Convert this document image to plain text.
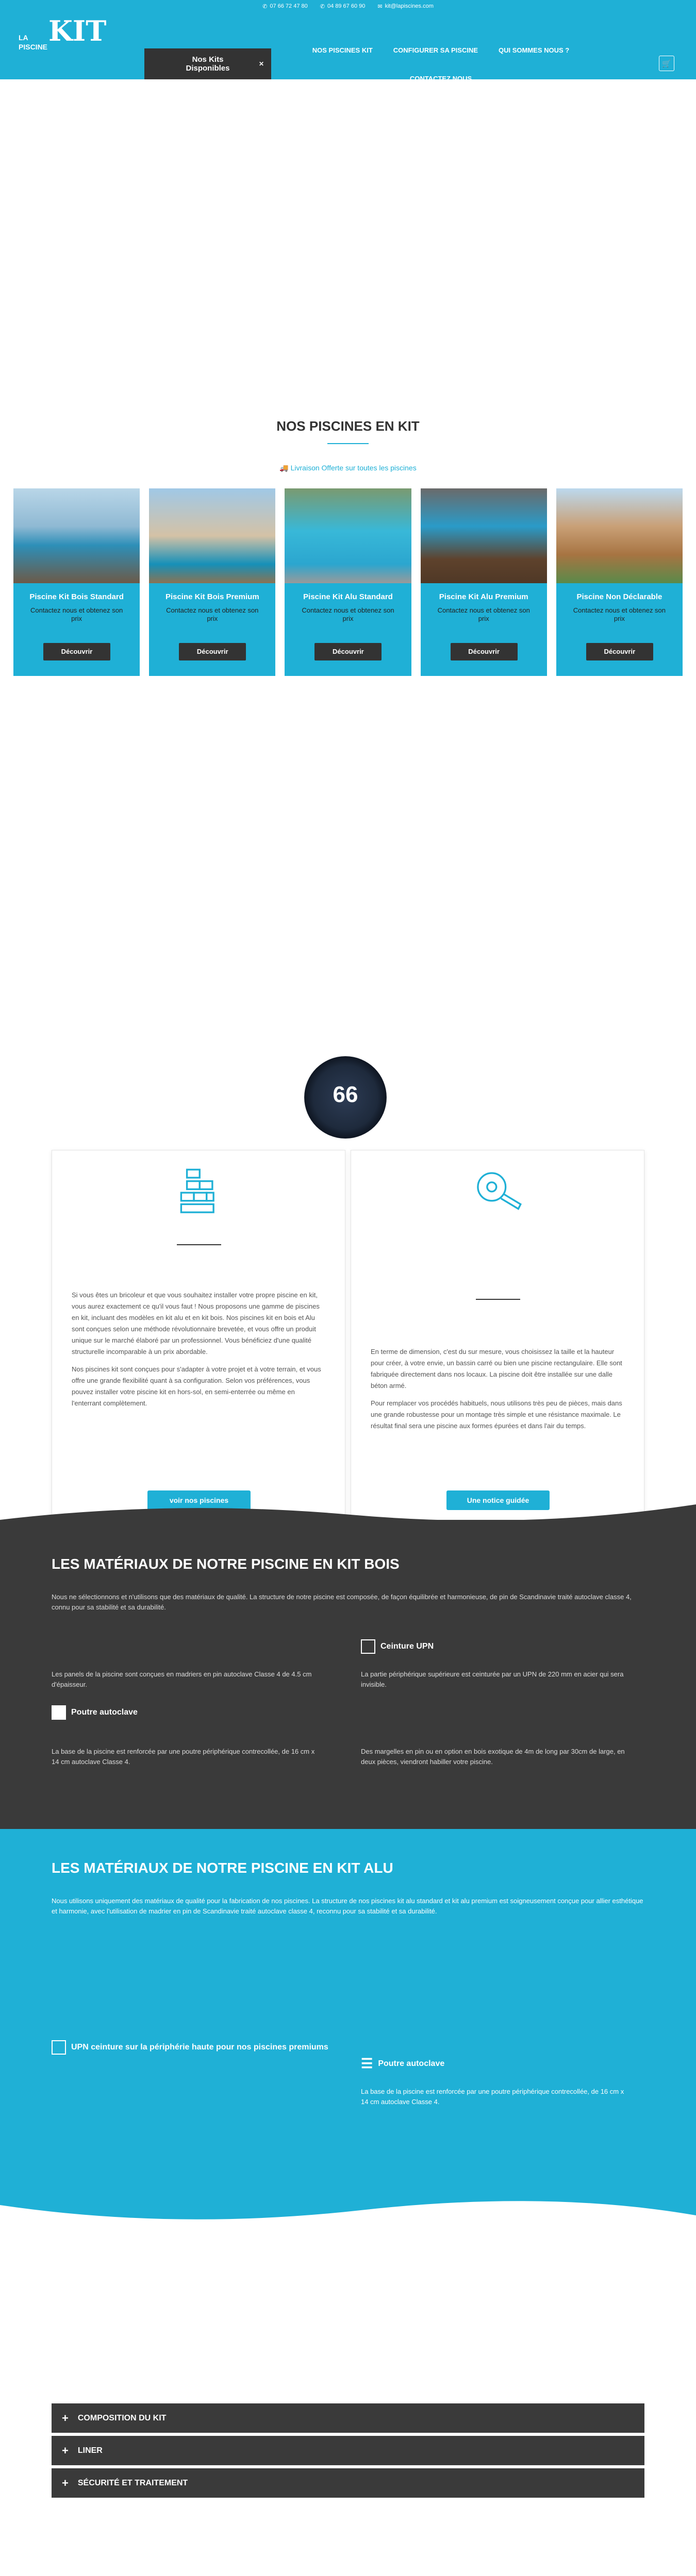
✆ 07 66 72 47 80 ✆ 04 89 67 60 90 ✉ kit@lapiscines.com
LA PISCINE KIT
Nos Kits
Disponibles	✕
NOS PISCINES KIT	CONFIGURER SA PISCINE	QUI SOMMES NOUS ?
CONTACTEZ NOUS
🛒
NOS PISCINES EN KIT
🚚 Livraison Offerte sur toutes les piscines
Piscine Kit Bois Standard
Contactez nous et obtenez son prix
Découvrir
Piscine Kit Bois Premium
Contactez nous et obtenez son prix
Découvrir
Piscine Kit Alu Standard
Contactez nous et obtenez son prix
Découvrir
Piscine Kit Alu Premium
Contactez nous et obtenez son prix
Découvrir
Piscine Non Déclarable
Contactez nous et obtenez son prix
Découvrir
66

Si vous êtes un bricoleur et que vous souhaitez installer votre propre piscine en kit, vous aurez exactement ce qu'il vous faut ! Nous proposons une gamme de piscines en kit, incluant des modèles en kit alu et en kit bois. Nos piscines kit en bois et Alu sont conçues selon une méthode révolutionnaire brevetée, et vous offre un produit unique sur le marché élaboré par un professionnel. Vous bénéficiez d'une qualité structurelle incomparable à un prix abordable.

Nos piscines kit sont conçues pour s'adapter à votre projet et à votre terrain, et vous offre une grande flexibilité quant à sa configuration. Selon vos préférences, vous pouvez installer votre piscine kit en hors-sol, en semi-enterrée ou même en l'enterrant complètement.

voir nos piscines

En terme de dimension, c'est du sur mesure, vous choisissez la taille et la hauteur pour créer, à votre envie, un bassin carré ou bien une piscine rectangulaire. Elle sont fabriquée directement dans nos locaux. La piscine doit être installée sur une dalle béton armé.

Pour remplacer vos procédés habituels, nous utilisons très peu de pièces, mais dans une grande robustesse pour un montage très simple et une résistance maximale. Le résultat final sera une piscine aux formes épurées et dans l'air du temps.

Une notice guidée
LES MATÉRIAUX DE NOTRE PISCINE EN KIT BOIS
Nous ne sélectionnons et n'utilisons que des matériaux de qualité. La structure de notre piscine est composée, de façon équilibrée et harmonieuse, de pin de Scandinavie traité autoclave classe 4, connu pour sa stabilité et sa durabilité.
Ceinture UPN
Les panels de la piscine sont conçues en madriers en pin autoclave Classe 4 de 4.5 cm d'épaisseur.
La partie périphérique supérieure est ceinturée par un UPN de 220 mm en acier qui sera invisible.
Poutre autoclave
La base de la piscine est renforcée par une poutre périphérique contrecollée, de 16 cm x 14 cm autoclave Classe 4.
Des margelles en pin ou en option en bois exotique de 4m de long par 30cm de large, en deux pièces, viendront habiller votre piscine.
LES MATÉRIAUX DE NOTRE PISCINE EN KIT ALU
Nous utilisons uniquement des matériaux de qualité pour la fabrication de nos piscines. La structure de nos piscines kit alu standard et kit alu premium est soigneusement conçue pour allier esthétique et harmonie, avec l'utilisation de madrier en pin de Scandinavie traité autoclave classe 4, reconnu pour sa stabilité et sa durabilité.
UPN ceinture sur la périphérie haute pour nos piscines premiums
☰ Poutre autoclave
La base de la piscine est renforcée par une poutre périphérique contrecollée, de 16 cm x 14 cm autoclave Classe 4.
+ COMPOSITION DU KIT
+ LINER
+ SÉCURITÉ ET TRAITEMENT
